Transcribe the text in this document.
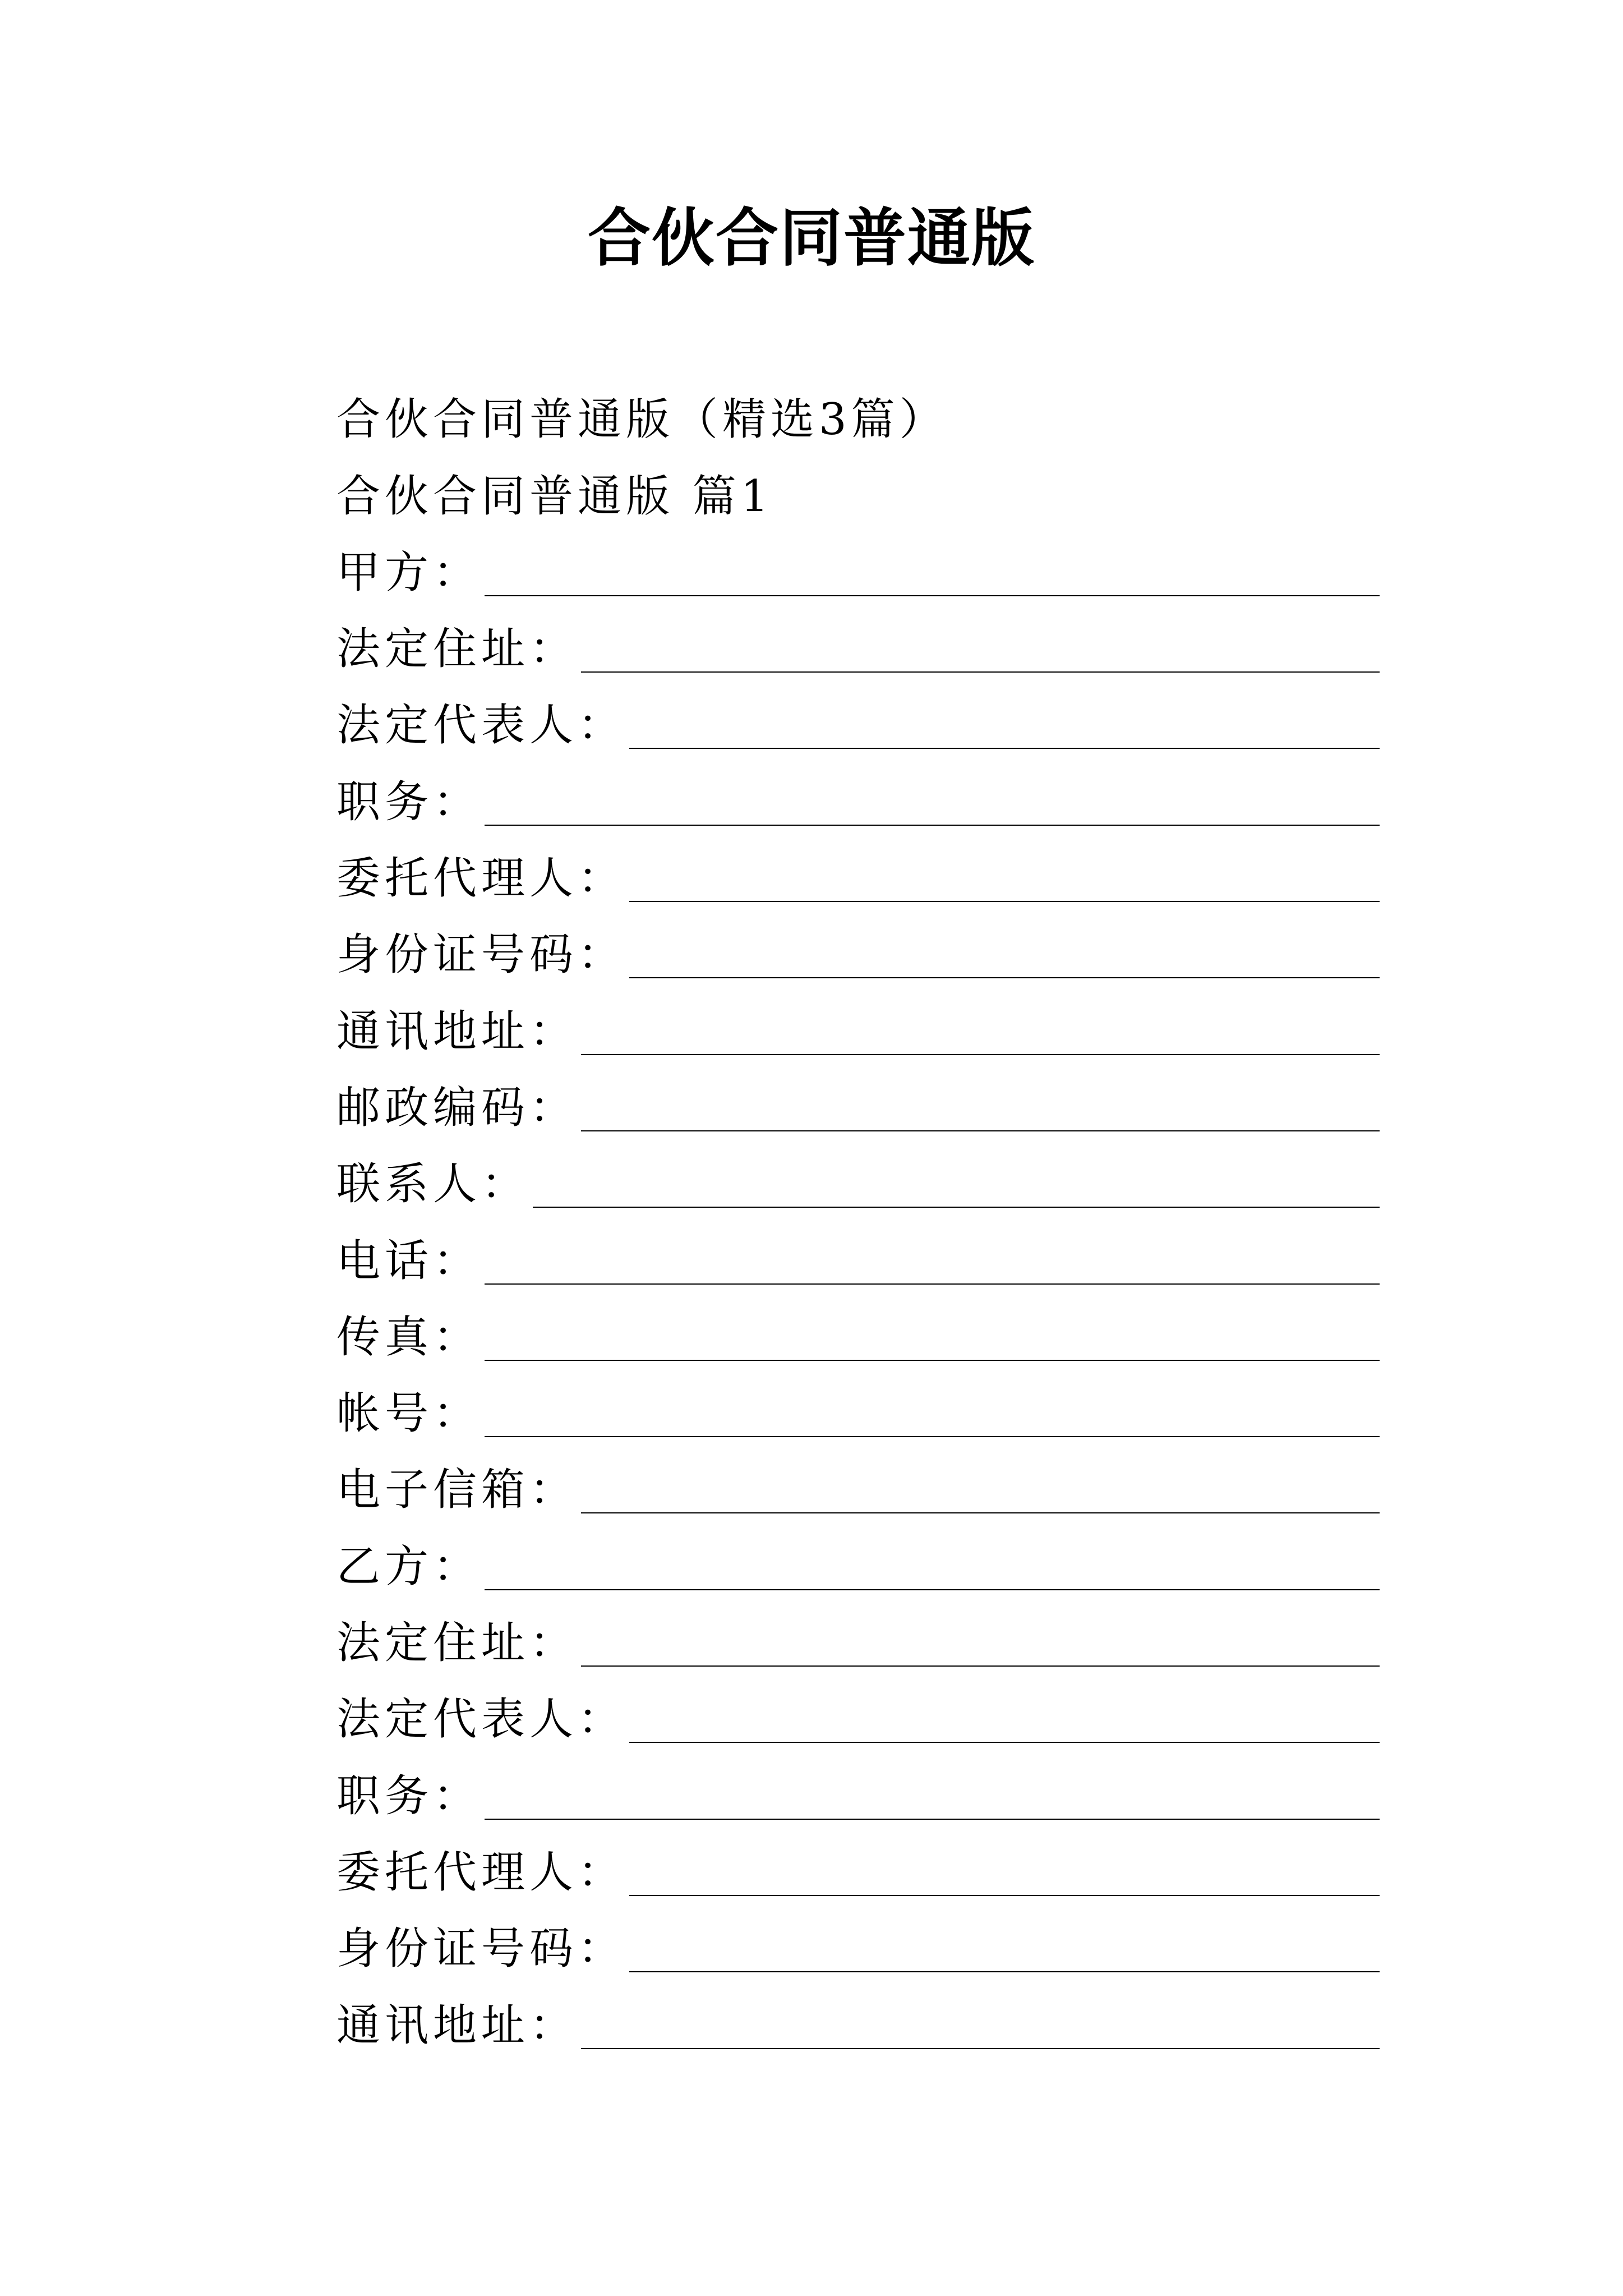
合伙合同普通版
合伙合同普通版（精选3篇）
合伙合同普通版 篇1
甲方：
法定住址：
法定代表人：
职务：
委托代理人：
身份证号码：
通讯地址：
邮政编码：
联系人：
电话：
传真：
帐号：
电子信箱：
乙方：
法定住址：
法定代表人：
职务：
委托代理人：
身份证号码：
通讯地址：
